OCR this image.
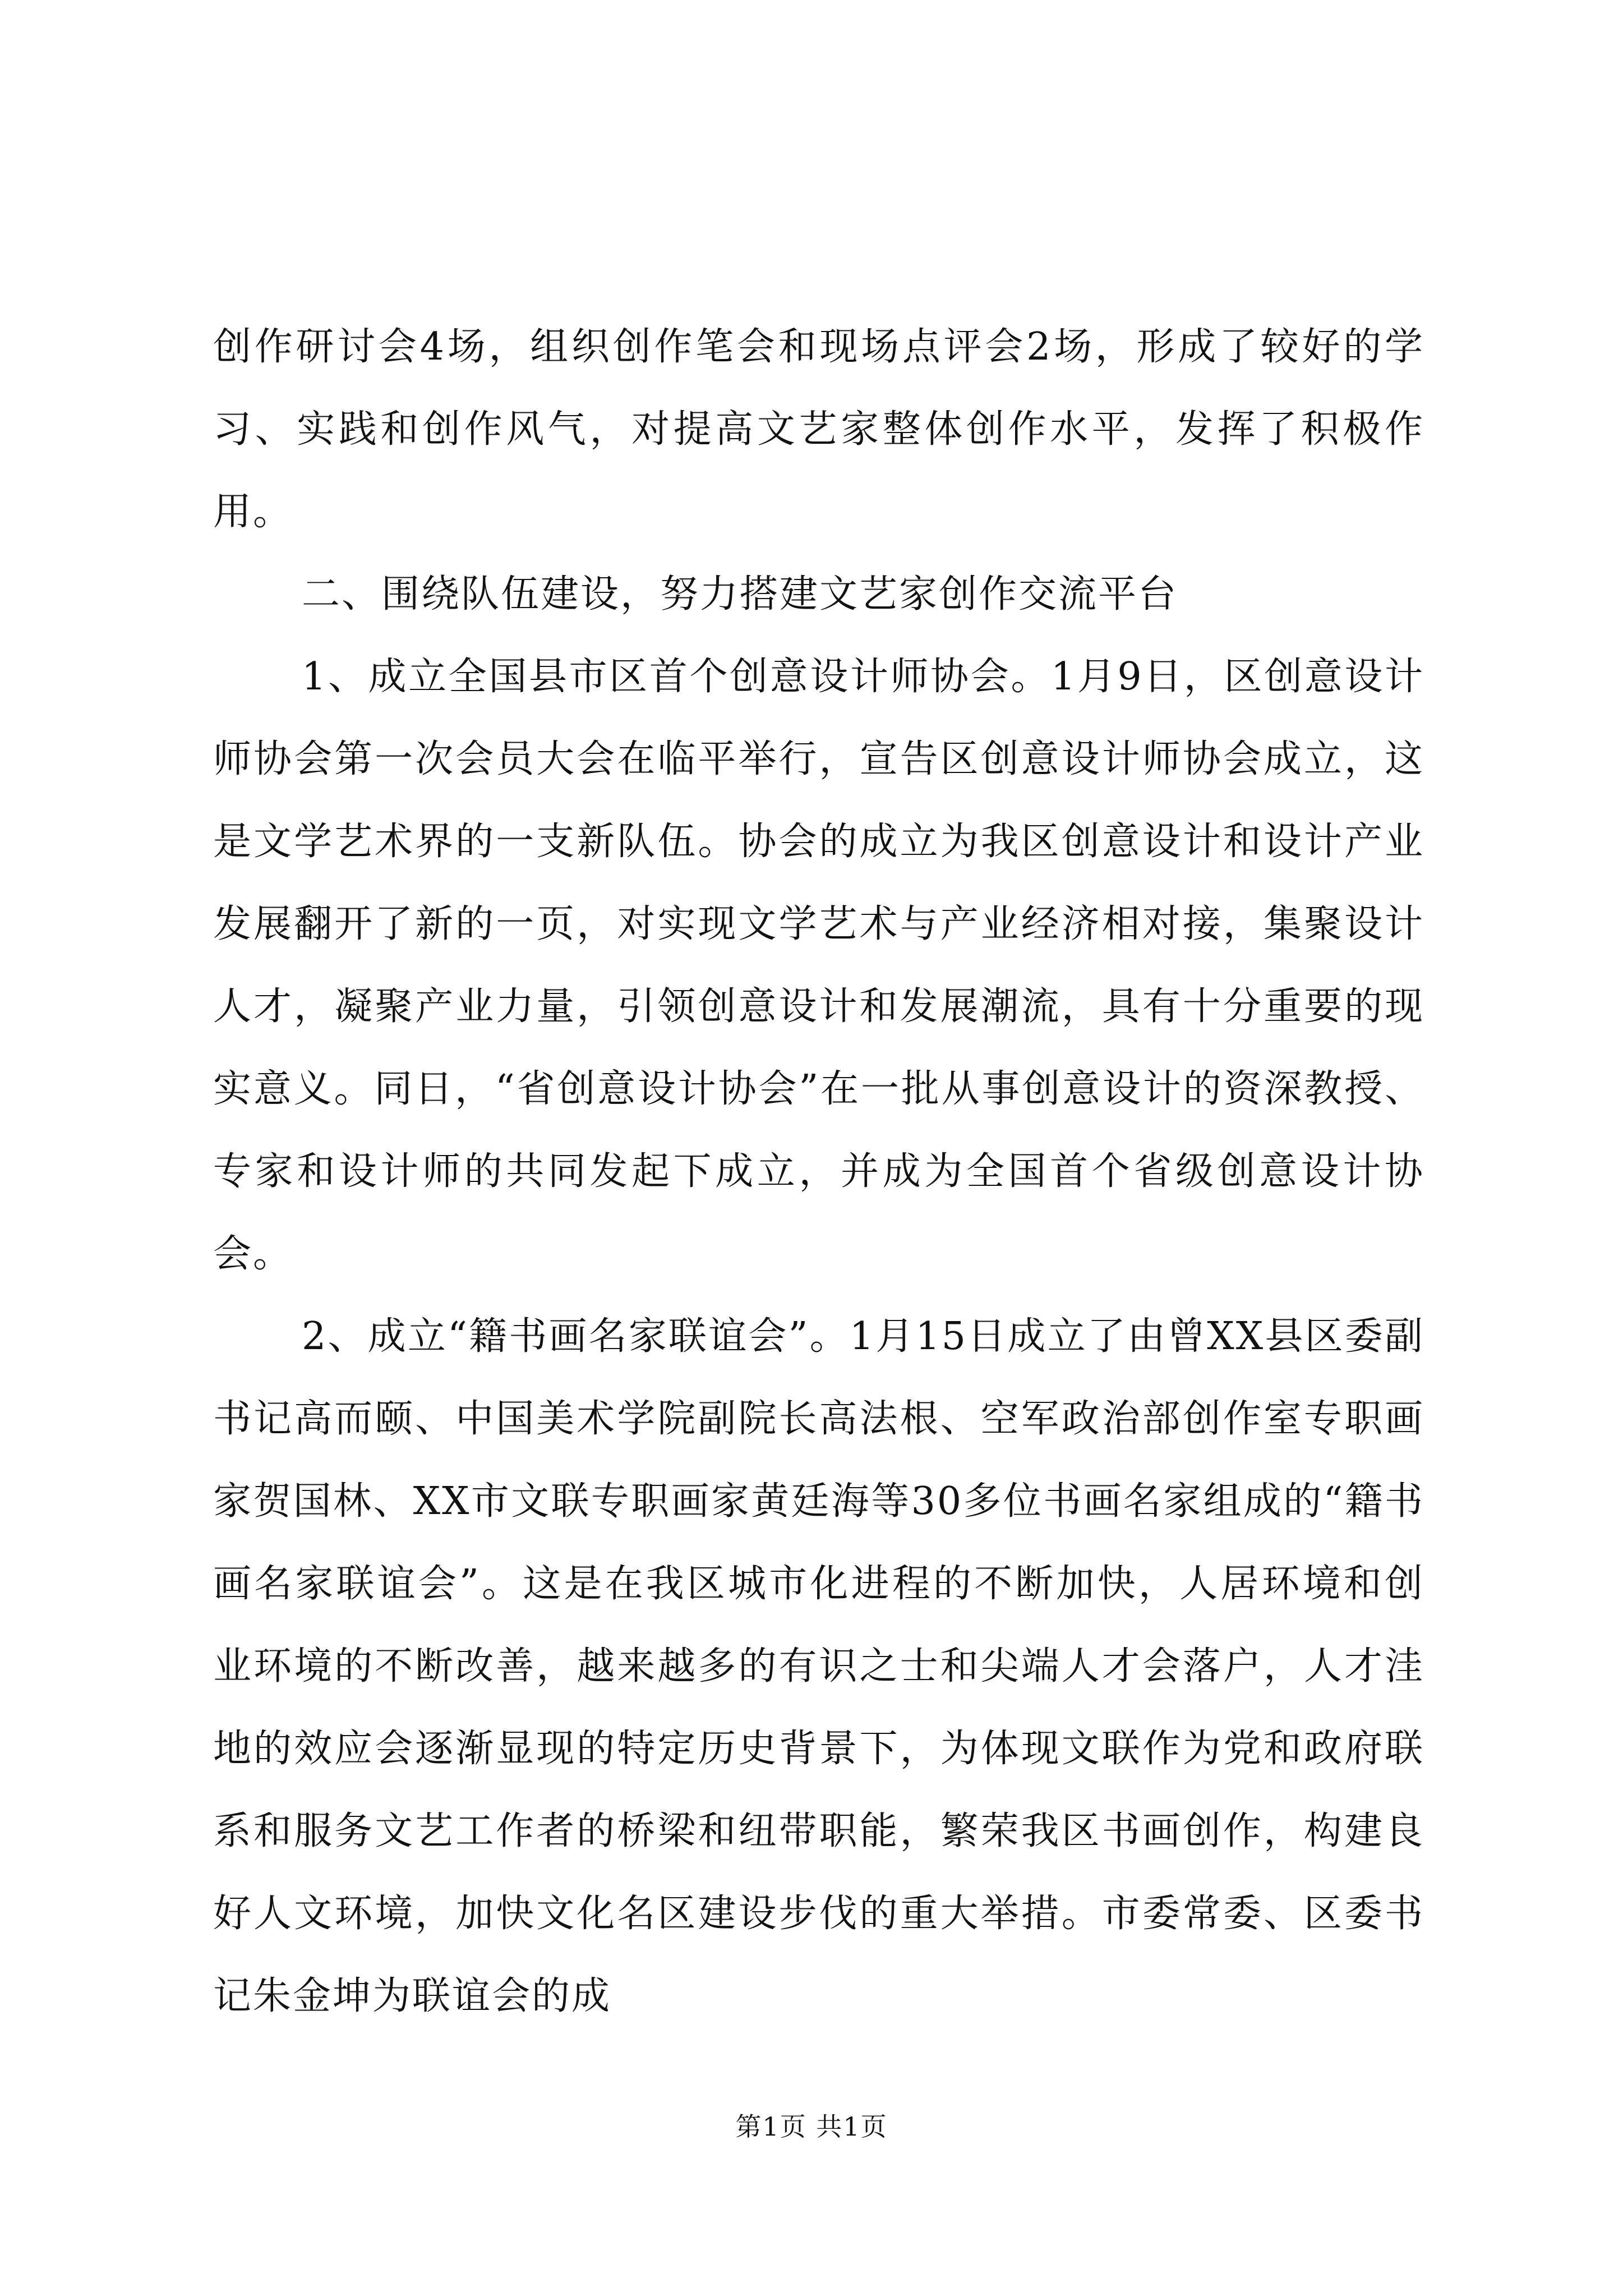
创作研讨会4场，组织创作笔会和现场点评会2场，形成了较好的学习、实践和创作风气，对提高文艺家整体创作水平，发挥了积极作用。

二、围绕队伍建设，努力搭建文艺家创作交流平台

1、成立全国县市区首个创意设计师协会。1月9日，区创意设计师协会第一次会员大会在临平举行，宣告区创意设计师协会成立，这是文学艺术界的一支新队伍。协会的成立为我区创意设计和设计产业发展翻开了新的一页，对实现文学艺术与产业经济相对接，集聚设计人才，凝聚产业力量，引领创意设计和发展潮流，具有十分重要的现实意义。同日，“省创意设计协会”在一批从事创意设计的资深教授、专家和设计师的共同发起下成立，并成为全国首个省级创意设计协会。

2、成立“籍书画名家联谊会”。1月15日成立了由曾XX县区委副书记高而颐、中国美术学院副院长高法根、空军政治部创作室专职画家贺国林、XX市文联专职画家黄廷海等30多位书画名家组成的“籍书画名家联谊会”。这是在我区城市化进程的不断加快，人居环境和创业环境的不断改善，越来越多的有识之士和尖端人才会落户，人才洼地的效应会逐渐显现的特定历史背景下，为体现文联作为党和政府联系和服务文艺工作者的桥梁和纽带职能，繁荣我区书画创作，构建良好人文环境，加快文化名区建设步伐的重大举措。市委常委、区委书记朱金坤为联谊会的成

第1页 共1页
